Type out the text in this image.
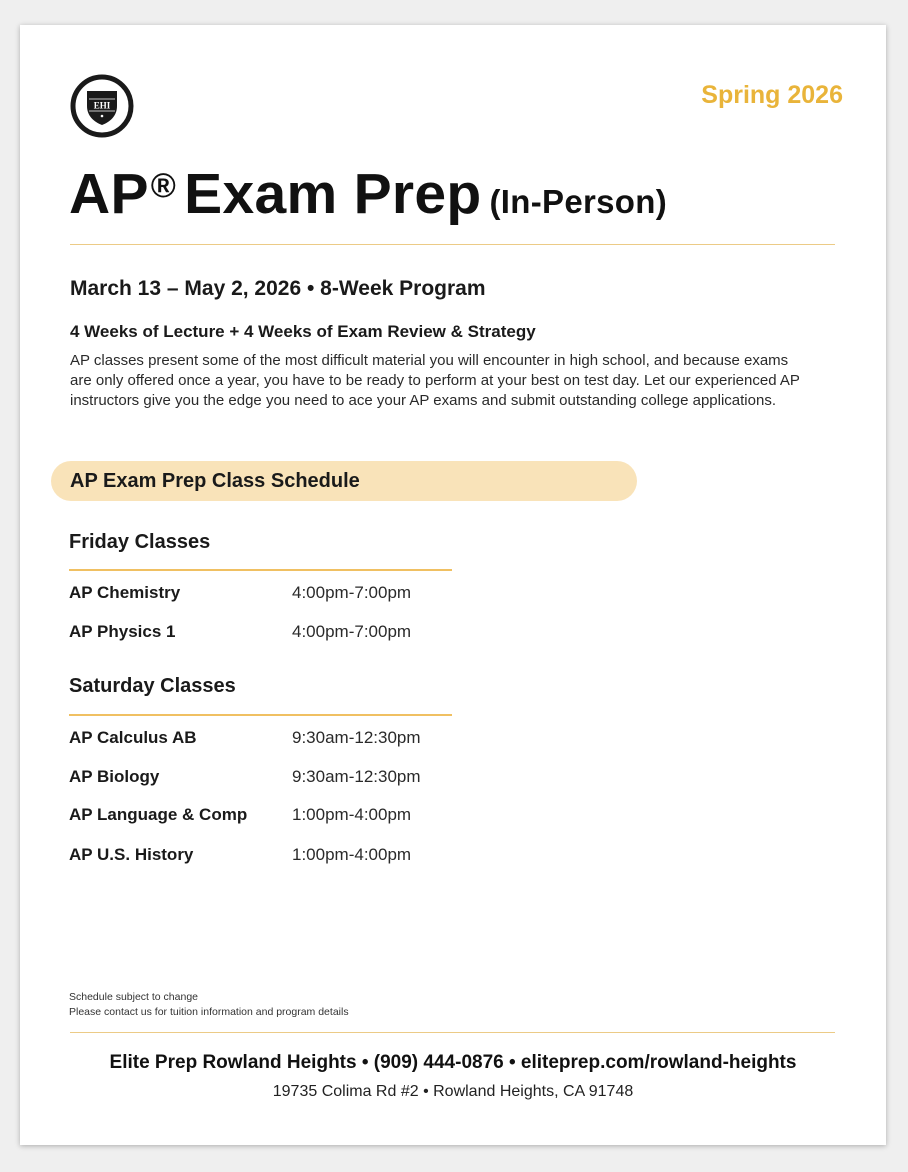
EHI	Spring 2026
AP® Exam Prep (In-Person)
March 13 – May 2, 2026 • 8-Week Program
4 Weeks of Lecture + 4 Weeks of Exam Review & Strategy
AP classes present some of the most difficult material you will encounter in high school, and because exams are only offered once a year, you have to be ready to perform at your best on test day. Let our experienced AP instructors give you the edge you need to ace your AP exams and submit outstanding college applications.
AP Exam Prep Class Schedule
Friday Classes
AP Chemistry	4:00pm-7:00pm
AP Physics 1	4:00pm-7:00pm
Saturday Classes
AP Calculus AB	9:30am-12:30pm
AP Biology	9:30am-12:30pm
AP Language & Comp	1:00pm-4:00pm
AP U.S. History	1:00pm-4:00pm
Schedule subject to change
Please contact us for tuition information and program details
Elite Prep Rowland Heights • (909) 444-0876 • eliteprep.com/rowland-heights
19735 Colima Rd #2 • Rowland Heights, CA 91748
